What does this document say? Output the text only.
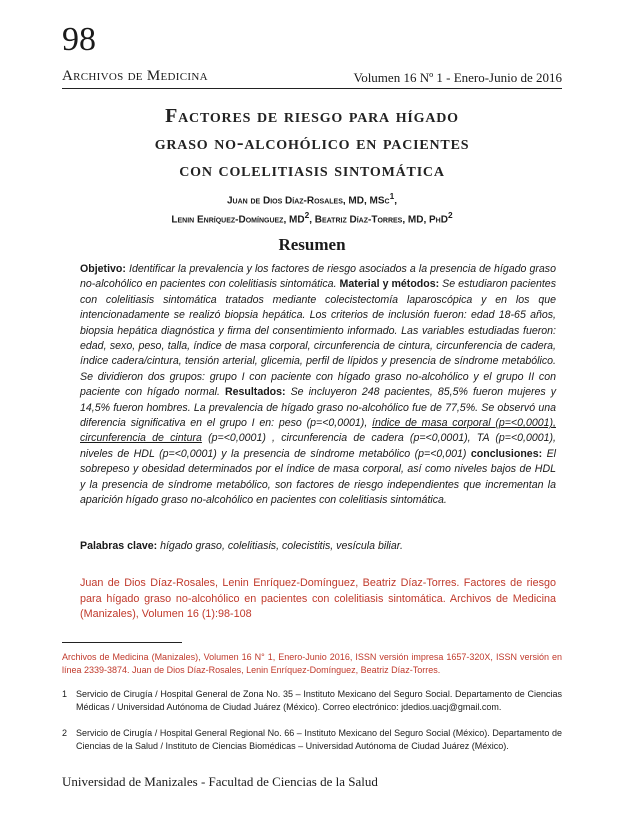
98
Archivos de Medicina	Volumen 16 Nº 1 - Enero-Junio de 2016
Factores de riesgo para hígado
graso no-alcohólico en pacientes
con colelitiasis sintomática
Juan de Dios Díaz-Rosales, MD, MSc$^1$,
Lenin Enríquez-Domínguez, $MD^2$, Beatriz Díaz-Torres, MD, PhD$^2$
Resumen
Objetivo: Identificar la prevalencia y los factores de riesgo asociados a la presencia de hígado graso no-alcohólico en pacientes con colelitiasis sintomática. Material y métodos: Se estudiaron pacientes con colelitiasis sintomática tratados mediante colecistectomía laparoscópica y en los que intencionadamente se realizó biopsia hepática. Los criterios de inclusión fueron: edad 18-65 años, biopsia hepática diagnóstica y firma del consentimiento informado. Las variables estudiadas fueron: edad, sexo, peso, talla, índice de masa corporal, circunferencia de cintura, circunferencia de cadera, índice cadera/cintura, tensión arterial, glicemia, perfil de lípidos y presencia de síndrome metabólico. Se dividieron dos grupos: grupo I con paciente con hígado graso no-alcohólico y el grupo II con paciente con hígado normal. Resultados: Se incluyeron 248 pacientes, 85,5% fueron mujeres y 14,5% fueron hombres. La prevalencia de hígado graso no-alcohólico fue de 77,5%. Se observó una diferencia significativa en el grupo I en: peso (p=<0,0001), índice de masa corporal (p=<0,0001), circunferencia de cintura (p=<0,0001) , circunferencia de cadera (p=<0,0001), TA (p=<0,0001), niveles de HDL (p=<0,0001) y la presencia de síndrome metabólico (p=<0,001) conclusiones: El sobrepeso y obesidad determinados por el índice de masa corporal, así como niveles bajos de HDL y la presencia de síndrome metabólico, son factores de riesgo independientes que incrementan la aparición hígado graso no-alcohólico en pacientes con colelitiasis sintomática.
Palabras clave: hígado graso, colelitiasis, colecistitis, vesícula biliar.
Juan de Dios Díaz-Rosales, Lenin Enríquez-Domínguez, Beatriz Díaz-Torres. Factores de riesgo para hígado graso no-alcohólico en pacientes con colelitiasis sintomática. Archivos de Medicina (Manizales), Volumen 16 (1):98-108
Archivos de Medicina (Manizales), Volumen 16 N° 1, Enero-Junio 2016, ISSN versión impresa 1657-320X, ISSN versión en línea 2339-3874. Juan de Dios Díaz-Rosales, Lenin Enríquez-Domínguez, Beatriz Díaz-Torres.
1 Servicio de Cirugía / Hospital General de Zona No. 35 – Instituto Mexicano del Seguro Social. Departamento de Ciencias Médicas / Universidad Autónoma de Ciudad Juárez (México). Correo electrónico: jdedios.uacj@gmail.com.
2 Servicio de Cirugía / Hospital General Regional No. 66 – Instituto Mexicano del Seguro Social (México). Departamento de Ciencias de la Salud / Instituto de Ciencias Biomédicas – Universidad Autónoma de Ciudad Juárez (México).
Universidad de Manizales - Facultad de Ciencias de la Salud
